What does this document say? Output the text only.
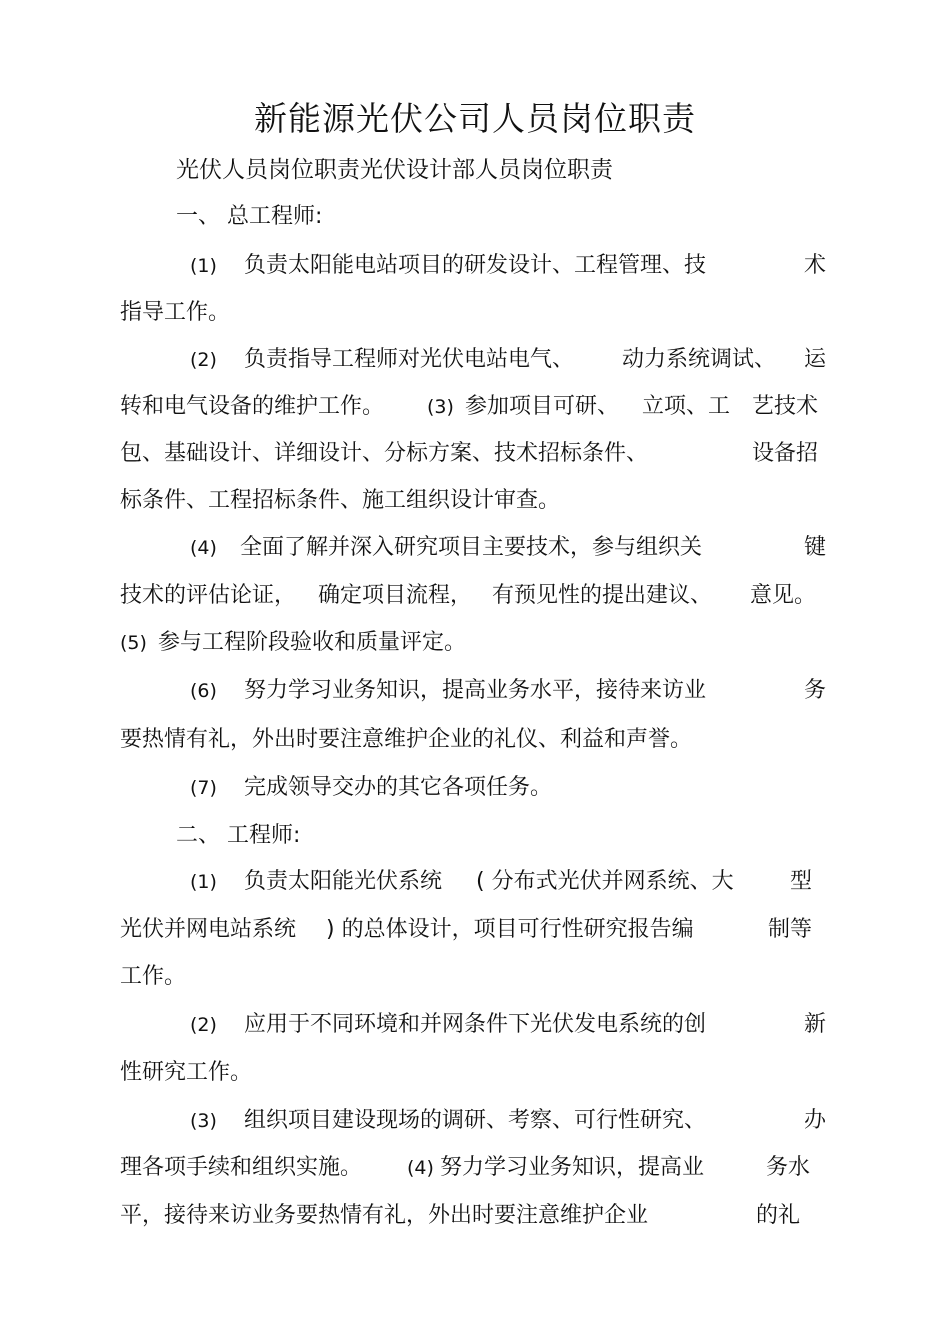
新能源光伏公司人员岗位职责
光伏人员岗位职责光伏设计部人员岗位职责
一、 总工程师:
(1) 负责太阳能电站项目的研发设计、工程管理、技	术
指导工作。
(2) 负责指导工程师对光伏电站电气、 动力系统调试、 运
转和电气设备的维护工作。 (3) 参加项目可研、 立项、工 艺技术
包、基础设计、详细设计、分标方案、技术招标条件、	设备招
标条件、工程招标条件、施工组织设计审查。
(4) 全面了解并深入研究项目主要技术，参与组织关	键
技术的评估论证， 确定项目流程， 有预见性的提出建议、 意见。
(5) 参与工程阶段验收和质量评定。
(6) 努力学习业务知识，提高业务水平，接待来访业	务
要热情有礼，外出时要注意维护企业的礼仪、利益和声誉。
(7) 完成领导交办的其它各项任务。
二、 工程师:
(1) 负责太阳能光伏系统 ( 分布式光伏并网系统、大	型
光伏并网电站系统 ) 的总体设计，项目可行性研究报告编	制等
工作。
(2) 应用于不同环境和并网条件下光伏发电系统的创	新
性研究工作。
(3) 组织项目建设现场的调研、考察、可行性研究、	办
理各项手续和组织实施。 (4) 努力学习业务知识，提高业	务水
平，接待来访业务要热情有礼，外出时要注意维护企业	的礼
